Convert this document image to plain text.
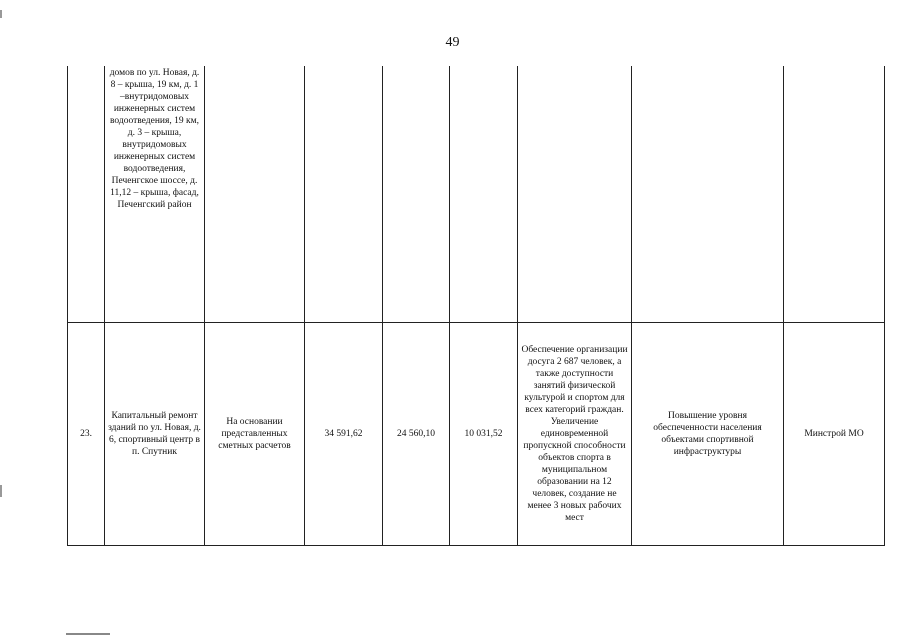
49
	домов по ул. Новая, д. 8 – крыша, 19 км, д. 1 –внутридомовых инженерных систем водоотведения, 19 км, д. 3 – крыша, внутридомовых инженерных систем водоотведения, Печенгское шоссе, д. 11,12 – крыша, фасад, Печенгский район							
23.	Капитальный ремонт зданий по ул. Новая, д. 6, спортивный центр в п. Спутник	На основании представленных сметных расчетов	34 591,62	24 560,10	10 031,52	Обеспечение организации досуга 2 687 человек, а также доступности занятий физической культурой и спортом для всех категорий граждан. Увеличение единовременной пропускной способности объектов спорта в муниципальном образовании на 12 человек, создание не менее 3 новых рабочих мест	Повышение уровня обеспеченности населения объектами спортивной инфраструктуры	Минстрой МО
